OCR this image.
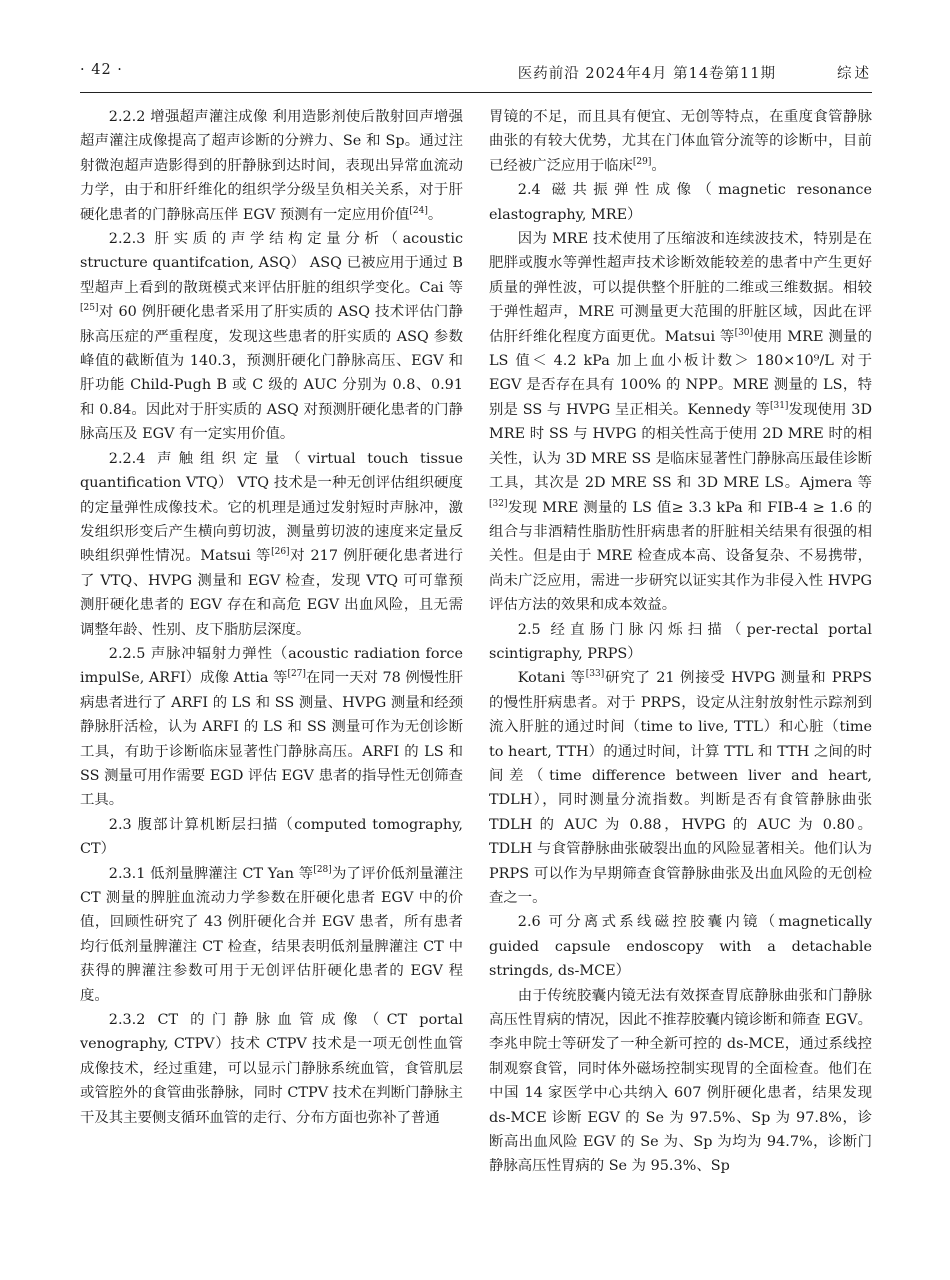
· 42 ·	医药前沿 2024年4月 第14卷第11期	综述

2.2.2 增强超声灌注成像 利用造影剂使后散射回声增强超声灌注成像提高了超声诊断的分辨力、Se 和 Sp。通过注射微泡超声造影得到的肝静脉到达时间，表现出异常血流动力学，由于和肝纤维化的组织学分级呈负相关关系，对于肝硬化患者的门静脉高压伴 EGV 预测有一定应用价值[24]。

2.2.3 肝实质的声学结构定量分析（acoustic structure quantifcation, ASQ） ASQ 已被应用于通过 B 型超声上看到的散斑模式来评估肝脏的组织学变化。Cai 等[25]对 60 例肝硬化患者采用了肝实质的 ASQ 技术评估门静脉高压症的严重程度，发现这些患者的肝实质的 ASQ 参数峰值的截断值为 140.3，预测肝硬化门静脉高压、EGV 和肝功能 Child-Pugh B 或 C 级的 AUC 分别为 0.8、0.91 和 0.84。因此对于肝实质的 ASQ 对预测肝硬化患者的门静脉高压及 EGV 有一定实用价值。

2.2.4 声触组织定量（virtual touch tissue quantification VTQ） VTQ 技术是一种无创评估组织硬度的定量弹性成像技术。它的机理是通过发射短时声脉冲，激发组织形变后产生横向剪切波，测量剪切波的速度来定量反映组织弹性情况。Matsui 等[26]对 217 例肝硬化患者进行了 VTQ、HVPG 测量和 EGV 检查，发现 VTQ 可可靠预测肝硬化患者的 EGV 存在和高危 EGV 出血风险，且无需调整年龄、性别、皮下脂肪层深度。

2.2.5 声脉冲辐射力弹性（acoustic radiation force impulSe, ARFI）成像 Attia 等[27]在同一天对 78 例慢性肝病患者进行了 ARFI 的 LS 和 SS 测量、HVPG 测量和经颈静脉肝活检，认为 ARFI 的 LS 和 SS 测量可作为无创诊断工具，有助于诊断临床显著性门静脉高压。ARFI 的 LS 和 SS 测量可用作需要 EGD 评估 EGV 患者的指导性无创筛查工具。

2.3 腹部计算机断层扫描（computed tomography, CT）

2.3.1 低剂量脾灌注 CT Yan 等[28]为了评价低剂量灌注 CT 测量的脾脏血流动力学参数在肝硬化患者 EGV 中的价值，回顾性研究了 43 例肝硬化合并 EGV 患者，所有患者均行低剂量脾灌注 CT 检查，结果表明低剂量脾灌注 CT 中获得的脾灌注参数可用于无创评估肝硬化患者的 EGV 程度。

2.3.2 CT 的门静脉血管成像（CT portal venography, CTPV）技术 CTPV 技术是一项无创性血管成像技术，经过重建，可以显示门静脉系统血管，食管肌层或管腔外的食管曲张静脉，同时 CTPV 技术在判断门静脉主干及其主要侧支循环血管的走行、分布方面也弥补了普通

胃镜的不足，而且具有便宜、无创等特点，在重度食管静脉曲张的有较大优势，尤其在门体血管分流等的诊断中，目前已经被广泛应用于临床[29]。

2.4 磁共振弹性成像（magnetic resonance elastography, MRE）

因为 MRE 技术使用了压缩波和连续波技术，特别是在肥胖或腹水等弹性超声技术诊断效能较差的患者中产生更好质量的弹性波，可以提供整个肝脏的二维或三维数据。相较于弹性超声，MRE 可测量更大范围的肝脏区域，因此在评估肝纤维化程度方面更优。Matsui 等[30]使用 MRE 测量的 LS 值＜ 4.2 kPa 加上血小板计数＞ 180×10⁹/L 对于 EGV 是否存在具有 100% 的 NPP。MRE 测量的 LS，特别是 SS 与 HVPG 呈正相关。Kennedy 等[31]发现使用 3D MRE 时 SS 与 HVPG 的相关性高于使用 2D MRE 时的相关性，认为 3D MRE SS 是临床显著性门静脉高压最佳诊断工具，其次是 2D MRE SS 和 3D MRE LS。Ajmera 等[32]发现 MRE 测量的 LS 值≥ 3.3 kPa 和 FIB-4 ≥ 1.6 的组合与非酒精性脂肪性肝病患者的肝脏相关结果有很强的相关性。但是由于 MRE 检查成本高、设备复杂、不易携带，尚未广泛应用，需进一步研究以证实其作为非侵入性 HVPG 评估方法的效果和成本效益。

2.5 经直肠门脉闪烁扫描（per-rectal portal scintigraphy, PRPS）

Kotani 等[33]研究了 21 例接受 HVPG 测量和 PRPS 的慢性肝病患者。对于 PRPS，设定从注射放射性示踪剂到流入肝脏的通过时间（time to live, TTL）和心脏（time to heart, TTH）的通过时间，计算 TTL 和 TTH 之间的时间差（time difference between liver and heart, TDLH），同时测量分流指数。判断是否有食管静脉曲张 TDLH 的 AUC 为 0.88，HVPG 的 AUC 为 0.80。TDLH 与食管静脉曲张破裂出血的风险显著相关。他们认为 PRPS 可以作为早期筛查食管静脉曲张及出血风险的无创检查之一。

2.6 可分离式系线磁控胶囊内镜（magnetically guided capsule endoscopy with a detachable stringds, ds-MCE）

由于传统胶囊内镜无法有效探查胃底静脉曲张和门静脉高压性胃病的情况，因此不推荐胶囊内镜诊断和筛查 EGV。李兆申院士等研发了一种全新可控的 ds-MCE，通过系线控制观察食管，同时体外磁场控制实现胃的全面检查。他们在中国 14 家医学中心共纳入 607 例肝硬化患者，结果发现 ds-MCE 诊断 EGV 的 Se 为 97.5%、Sp 为 97.8%，诊断高出血风险 EGV 的 Se 为、Sp 为均为 94.7%，诊断门静脉高压性胃病的 Se 为 95.3%、Sp
